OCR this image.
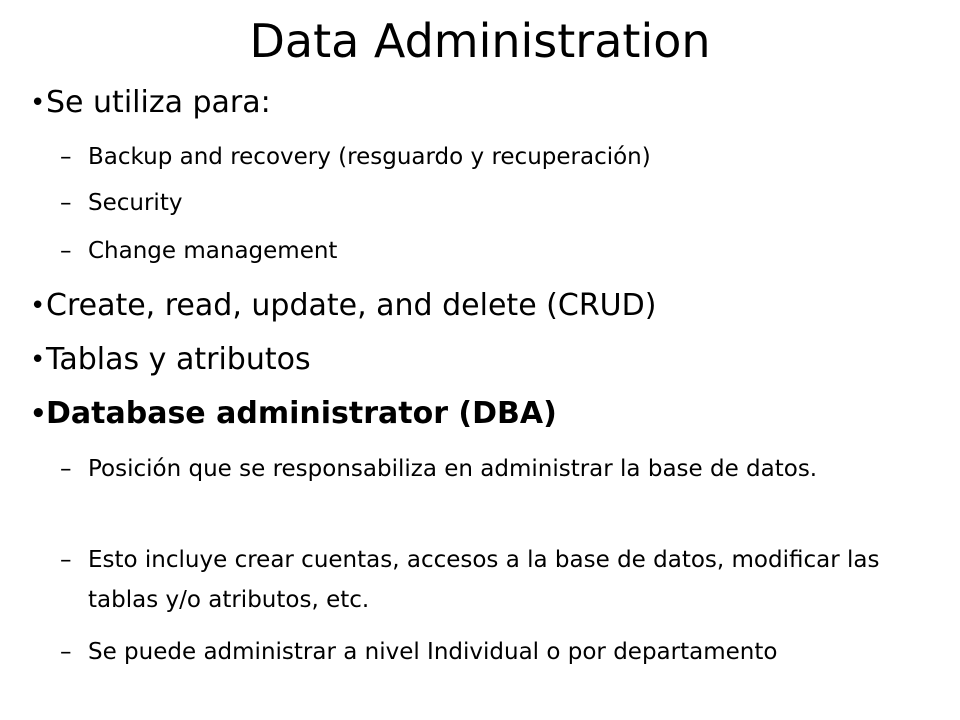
Data Administration
• Se utiliza para:
– Backup and recovery (resguardo y recuperación)
– Security
– Change management
• Create, read, update, and delete (CRUD)
• Tablas y atributos
• Database administrator (DBA)
– Posición que se responsabiliza en administrar la base de datos.
– Esto incluye crear cuentas, accesos a la base de datos, modificar las tablas y/o atributos, etc.
– Se puede administrar a nivel Individual o por departamento
